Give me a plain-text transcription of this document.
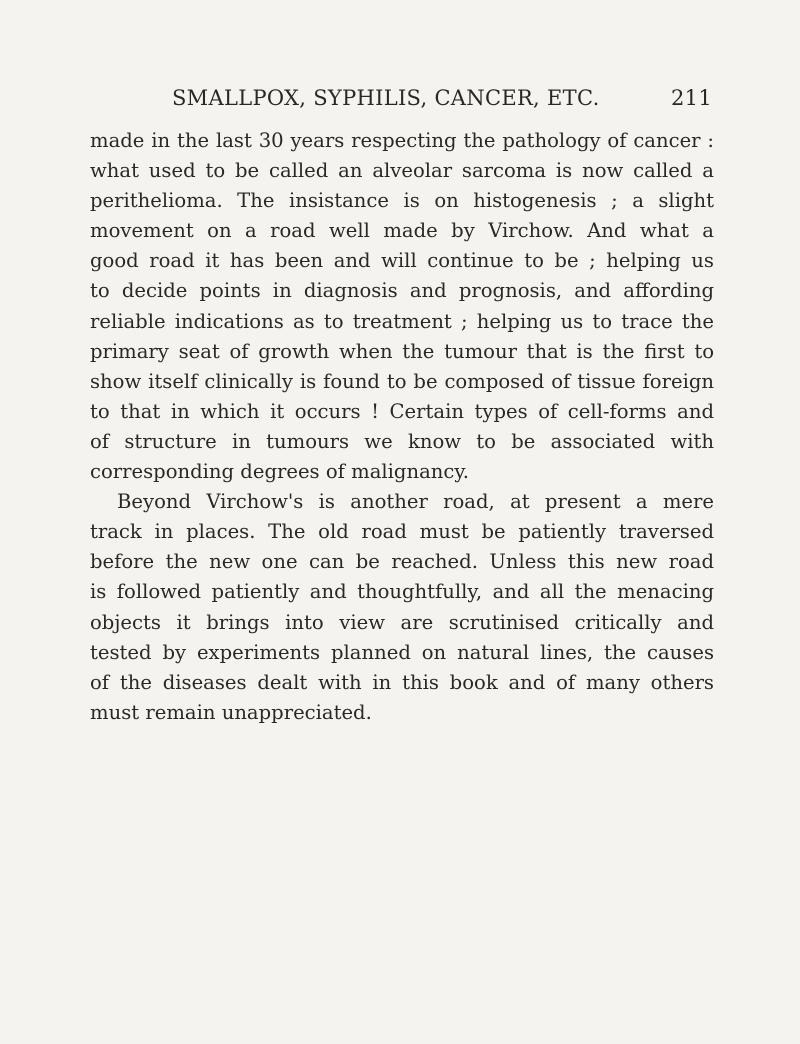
SMALLPOX, SYPHILIS, CANCER, ETC.	211
made in the last 30 years respecting the pathology of cancer :
what used to be called an alveolar sarcoma is now called a
perithelioma. The insistance is on histogenesis ; a slight
movement on a road well made by Virchow. And what a
good road it has been and will continue to be ; helping us
to decide points in diagnosis and prognosis, and affording
reliable indications as to treatment ; helping us to trace the
primary seat of growth when the tumour that is the first to
show itself clinically is found to be composed of tissue foreign
to that in which it occurs ! Certain types of cell-forms and
of structure in tumours we know to be associated with
corresponding degrees of malignancy.
Beyond Virchow's is another road, at present a mere
track in places. The old road must be patiently traversed
before the new one can be reached. Unless this new road
is followed patiently and thoughtfully, and all the menacing
objects it brings into view are scrutinised critically and
tested by experiments planned on natural lines, the causes
of the diseases dealt with in this book and of many others
must remain unappreciated.
